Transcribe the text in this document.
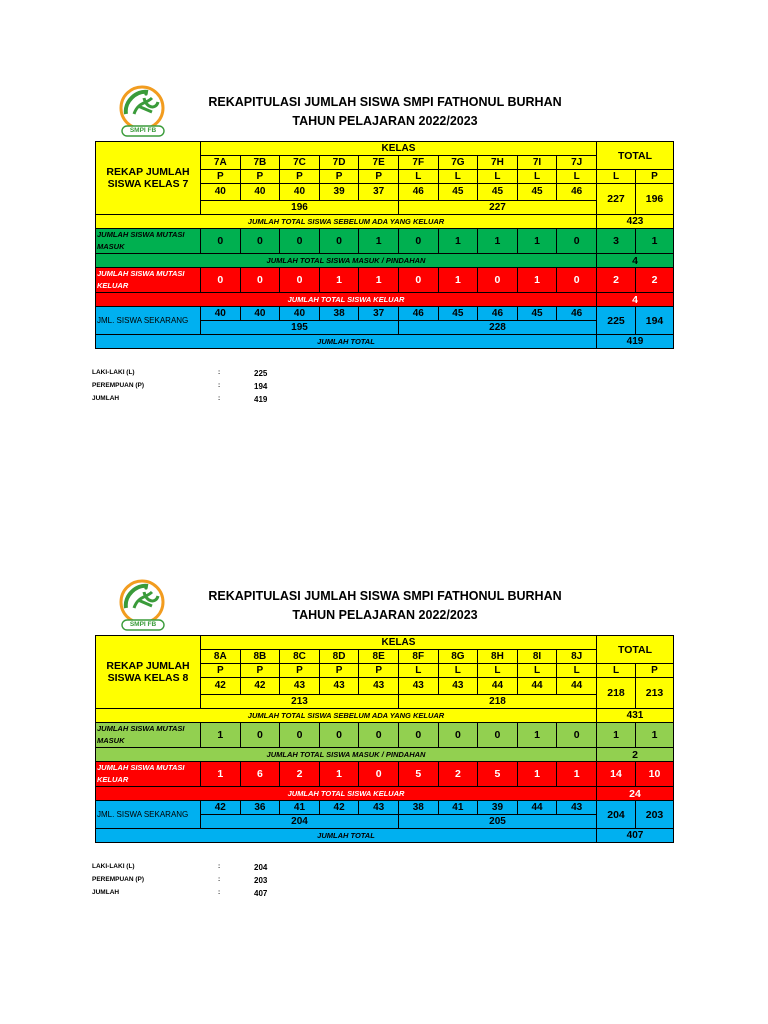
SMPI FB
REKAPITULASI JUMLAH SISWA SMPI FATHONUL BURHAN
TAHUN PELAJARAN 2022/2023
REKAP JUMLAH SISWA KELAS 7	KELAS										TOTAL	
	7A	7B	7C	7D	7E	7F	7G	7H	7I	7J		
	P	P	P	P	P	L	L	L	L	L	L	P
	40	40	40	39	37	46	45	45	45	46	227	196
	196					227						
JUMLAH TOTAL SISWA SEBELUM ADA YANG KELUAR											423	
JUMLAH SISWA MUTASI MASUK	0	0	0	0	1	0	1	1	1	0	3	1
JUMLAH TOTAL SISWA MASUK / PINDAHAN											4	
JUMLAH SISWA MUTASI KELUAR	0	0	0	1	1	0	1	0	1	0	2	2
JUMLAH TOTAL SISWA KELUAR											4	
JML. SISWA SEKARANG	40	40	40	38	37	46	45	46	45	46	225	194
	195					228						
JUMLAH TOTAL											419	
LAKI-LAKI (L)	:	225
PEREMPUAN (P)	:	194
JUMLAH	:	419
SMPI FB
REKAPITULASI JUMLAH SISWA SMPI FATHONUL BURHAN
TAHUN PELAJARAN 2022/2023
REKAP JUMLAH SISWA KELAS 8	KELAS										TOTAL	
	8A	8B	8C	8D	8E	8F	8G	8H	8I	8J		
	P	P	P	P	P	L	L	L	L	L	L	P
	42	42	43	43	43	43	43	44	44	44	218	213
	213					218						
JUMLAH TOTAL SISWA SEBELUM ADA YANG KELUAR											431	
JUMLAH SISWA MUTASI MASUK	1	0	0	0	0	0	0	0	1	0	1	1
JUMLAH TOTAL SISWA MASUK / PINDAHAN											2	
JUMLAH SISWA MUTASI KELUAR	1	6	2	1	0	5	2	5	1	1	14	10
JUMLAH TOTAL SISWA KELUAR											24	
JML. SISWA SEKARANG	42	36	41	42	43	38	41	39	44	43	204	203
	204					205						
JUMLAH TOTAL											407	
LAKI-LAKI (L)	:	204
PEREMPUAN (P)	:	203
JUMLAH	:	407
